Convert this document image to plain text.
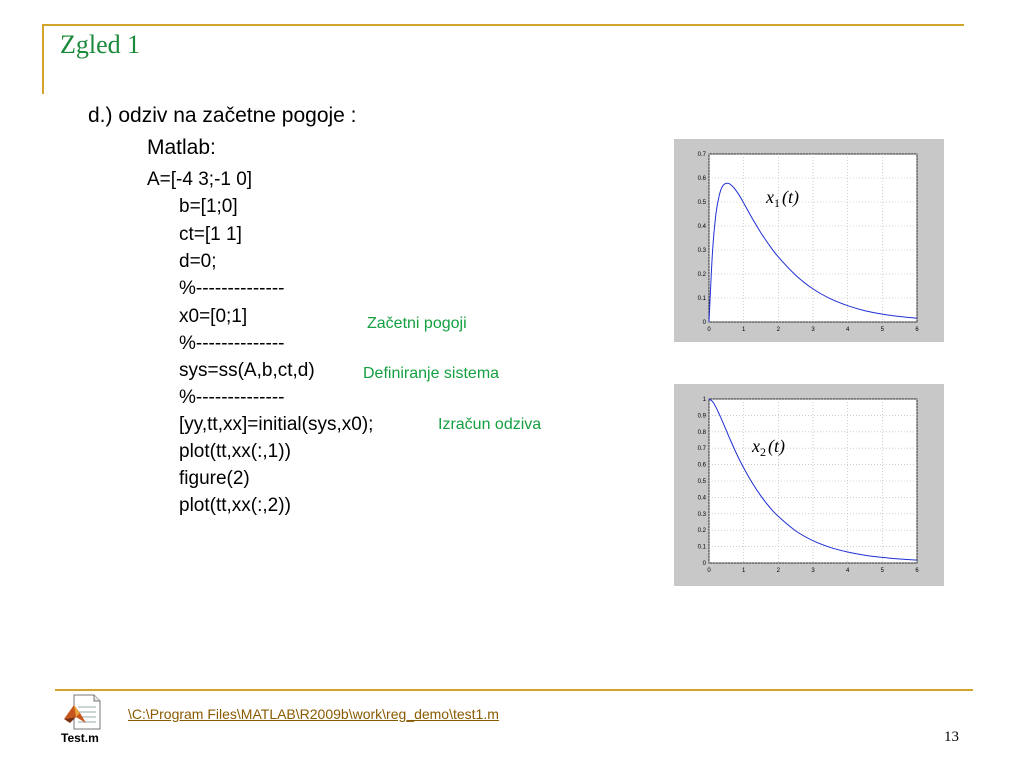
Zgled 1
d.) odziv na začetne pogoje :
Matlab:
A=[-4 3;-1 0]
b=[1;0]
ct=[1 1]
d=0;
%--------------
x0=[0;1]
%--------------
sys=ss(A,b,ct,d)
%--------------
[yy,tt,xx]=initial(sys,x0);
plot(tt,xx(:,1))
figure(2)
plot(tt,xx(:,2))
Začetni pogoji
Definiranje sistema
Izračun odziva
0	1	2	3	4	5	6
0
0.1
0.2
0.3
0.4
0.5
0.6
0.7
$x_1$ (t)
0	1	2	3	4	5	6
0
0.1
0.2
0.3
0.4
0.5
0.6
0.7
0.8
0.9
1
$x_2$ (t)
Test.m
\C:\Program Files\MATLAB\R2009b\work\reg_demo\test1.m
13
